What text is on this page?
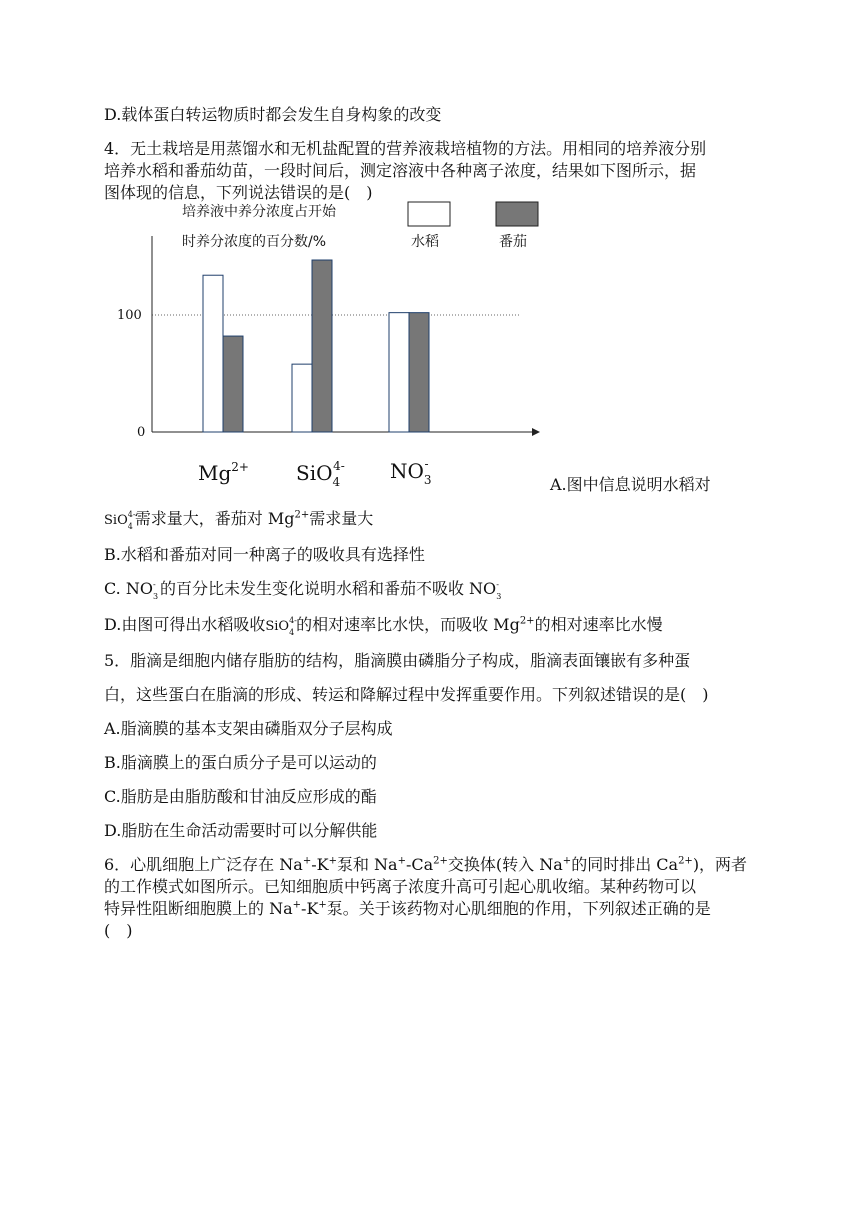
D.载体蛋白转运物质时都会发生自身构象的改变
4．无土栽培是用蒸馏水和无机盐配置的营养液栽培植物的方法。用相同的培养液分别
培养水稻和番茄幼苗，一段时间后，测定溶液中各种离子浓度，结果如下图所示，据
图体现的信息，下列说法错误的是(　)
培养液中养分浓度占开始
时养分浓度的百分数/%	水稻	番茄
0
100
$Mg^{2+}$ SiO$_4$4- $NO_3-$
A.图中信息说明水稻对
SiO 4-
4 需求量大，番茄对 $Mg^{2+}$需求量大
B.水稻和番茄对同一种离子的吸收具有选择性
C. NO -
3 的百分比未发生变化说明水稻和番茄不吸收 NO -
3
D.由图可得出水稻吸收SiO 4-
4 的相对速率比水快，而吸收 $Mg^{2+}$的相对速率比水慢
5．脂滴是细胞内储存脂肪的结构，脂滴膜由磷脂分子构成，脂滴表面镶嵌有多种蛋
白，这些蛋白在脂滴的形成、转运和降解过程中发挥重要作用。下列叙述错误的是(　)
A.脂滴膜的基本支架由磷脂双分子层构成
B.脂滴膜上的蛋白质分子是可以运动的
C.脂肪是由脂肪酸和甘油反应形成的酯
D.脂肪在生命活动需要时可以分解供能
6．心肌细胞上广泛存在 Na+-K+泵和 $Na^+-Ca^{2+}$交换体(转入 Na+的同时排出 $Ca^{2+}$)，两者
的工作模式如图所示。已知细胞质中钙离子浓度升高可引起心肌收缩。某种药物可以
特异性阻断细胞膜上的 Na+-K+泵。关于该药物对心肌细胞的作用，下列叙述正确的是
(　)
